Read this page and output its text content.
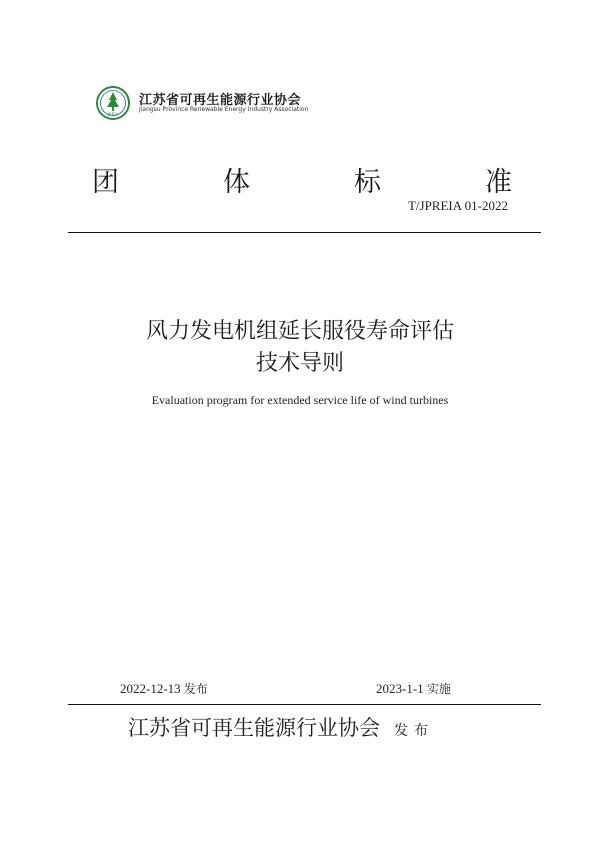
JREIA
江苏省可再生能源行业协会
Jiangsu Province Renewable Energy Industry Association
团	体	标	准
T/JPREIA 01-2022
风力发电机组延长服役寿命评估
技术导则
Evaluation program for extended service life of wind turbines
2022-12-13 发布	2023-1-1 实施
江苏省可再生能源行业协会 发布
